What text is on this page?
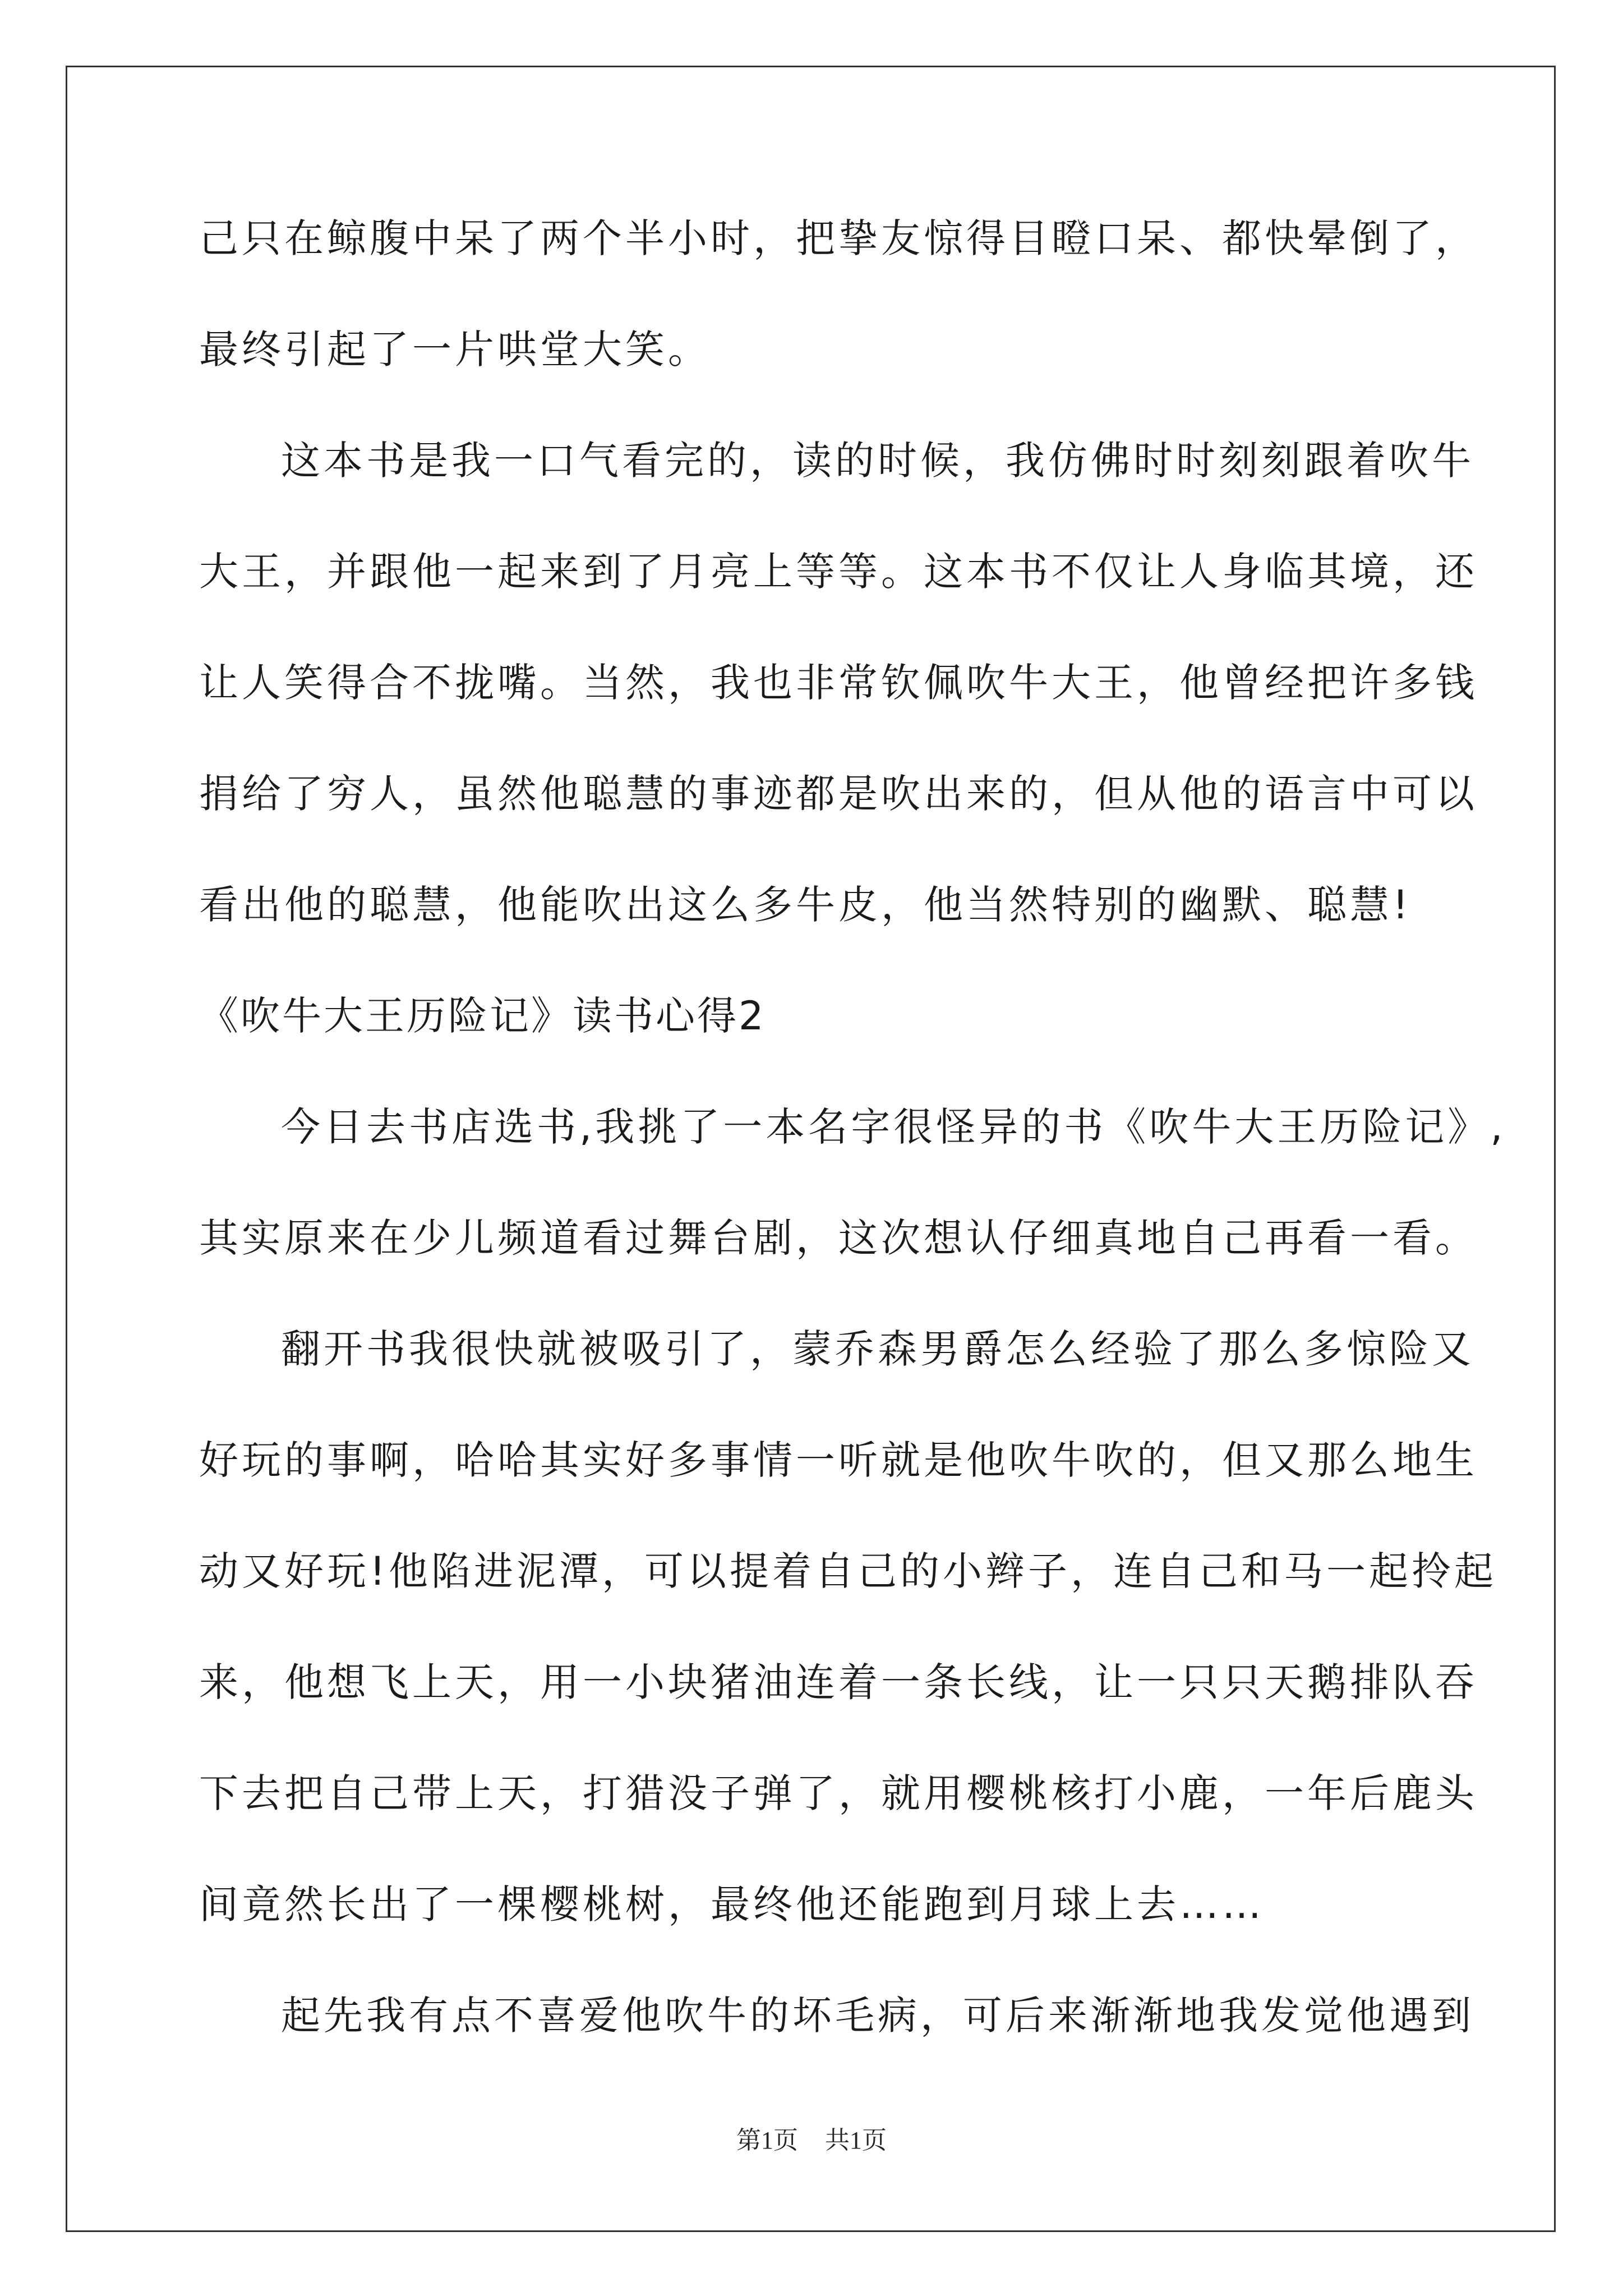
己只在鲸腹中呆了两个半小时，把挚友惊得目瞪口呆、都快晕倒了，
最终引起了一片哄堂大笑。
这本书是我一口气看完的，读的时候，我仿佛时时刻刻跟着吹牛
大王，并跟他一起来到了月亮上等等。这本书不仅让人身临其境，还
让人笑得合不拢嘴。当然，我也非常钦佩吹牛大王，他曾经把许多钱
捐给了穷人，虽然他聪慧的事迹都是吹出来的，但从他的语言中可以
看出他的聪慧，他能吹出这么多牛皮，他当然特别的幽默、聪慧!
《吹牛大王历险记》读书心得2
今日去书店选书,我挑了一本名字很怪异的书《吹牛大王历险记》,
其实原来在少儿频道看过舞台剧，这次想认仔细真地自己再看一看。
翻开书我很快就被吸引了，蒙乔森男爵怎么经验了那么多惊险又
好玩的事啊，哈哈其实好多事情一听就是他吹牛吹的，但又那么地生
动又好玩!他陷进泥潭，可以提着自己的小辫子，连自己和马一起拎起
来，他想飞上天，用一小块猪油连着一条长线，让一只只天鹅排队吞
下去把自己带上天，打猎没子弹了，就用樱桃核打小鹿，一年后鹿头
间竟然长出了一棵樱桃树，最终他还能跑到月球上去……
起先我有点不喜爱他吹牛的坏毛病，可后来渐渐地我发觉他遇到
第1页 共1页
